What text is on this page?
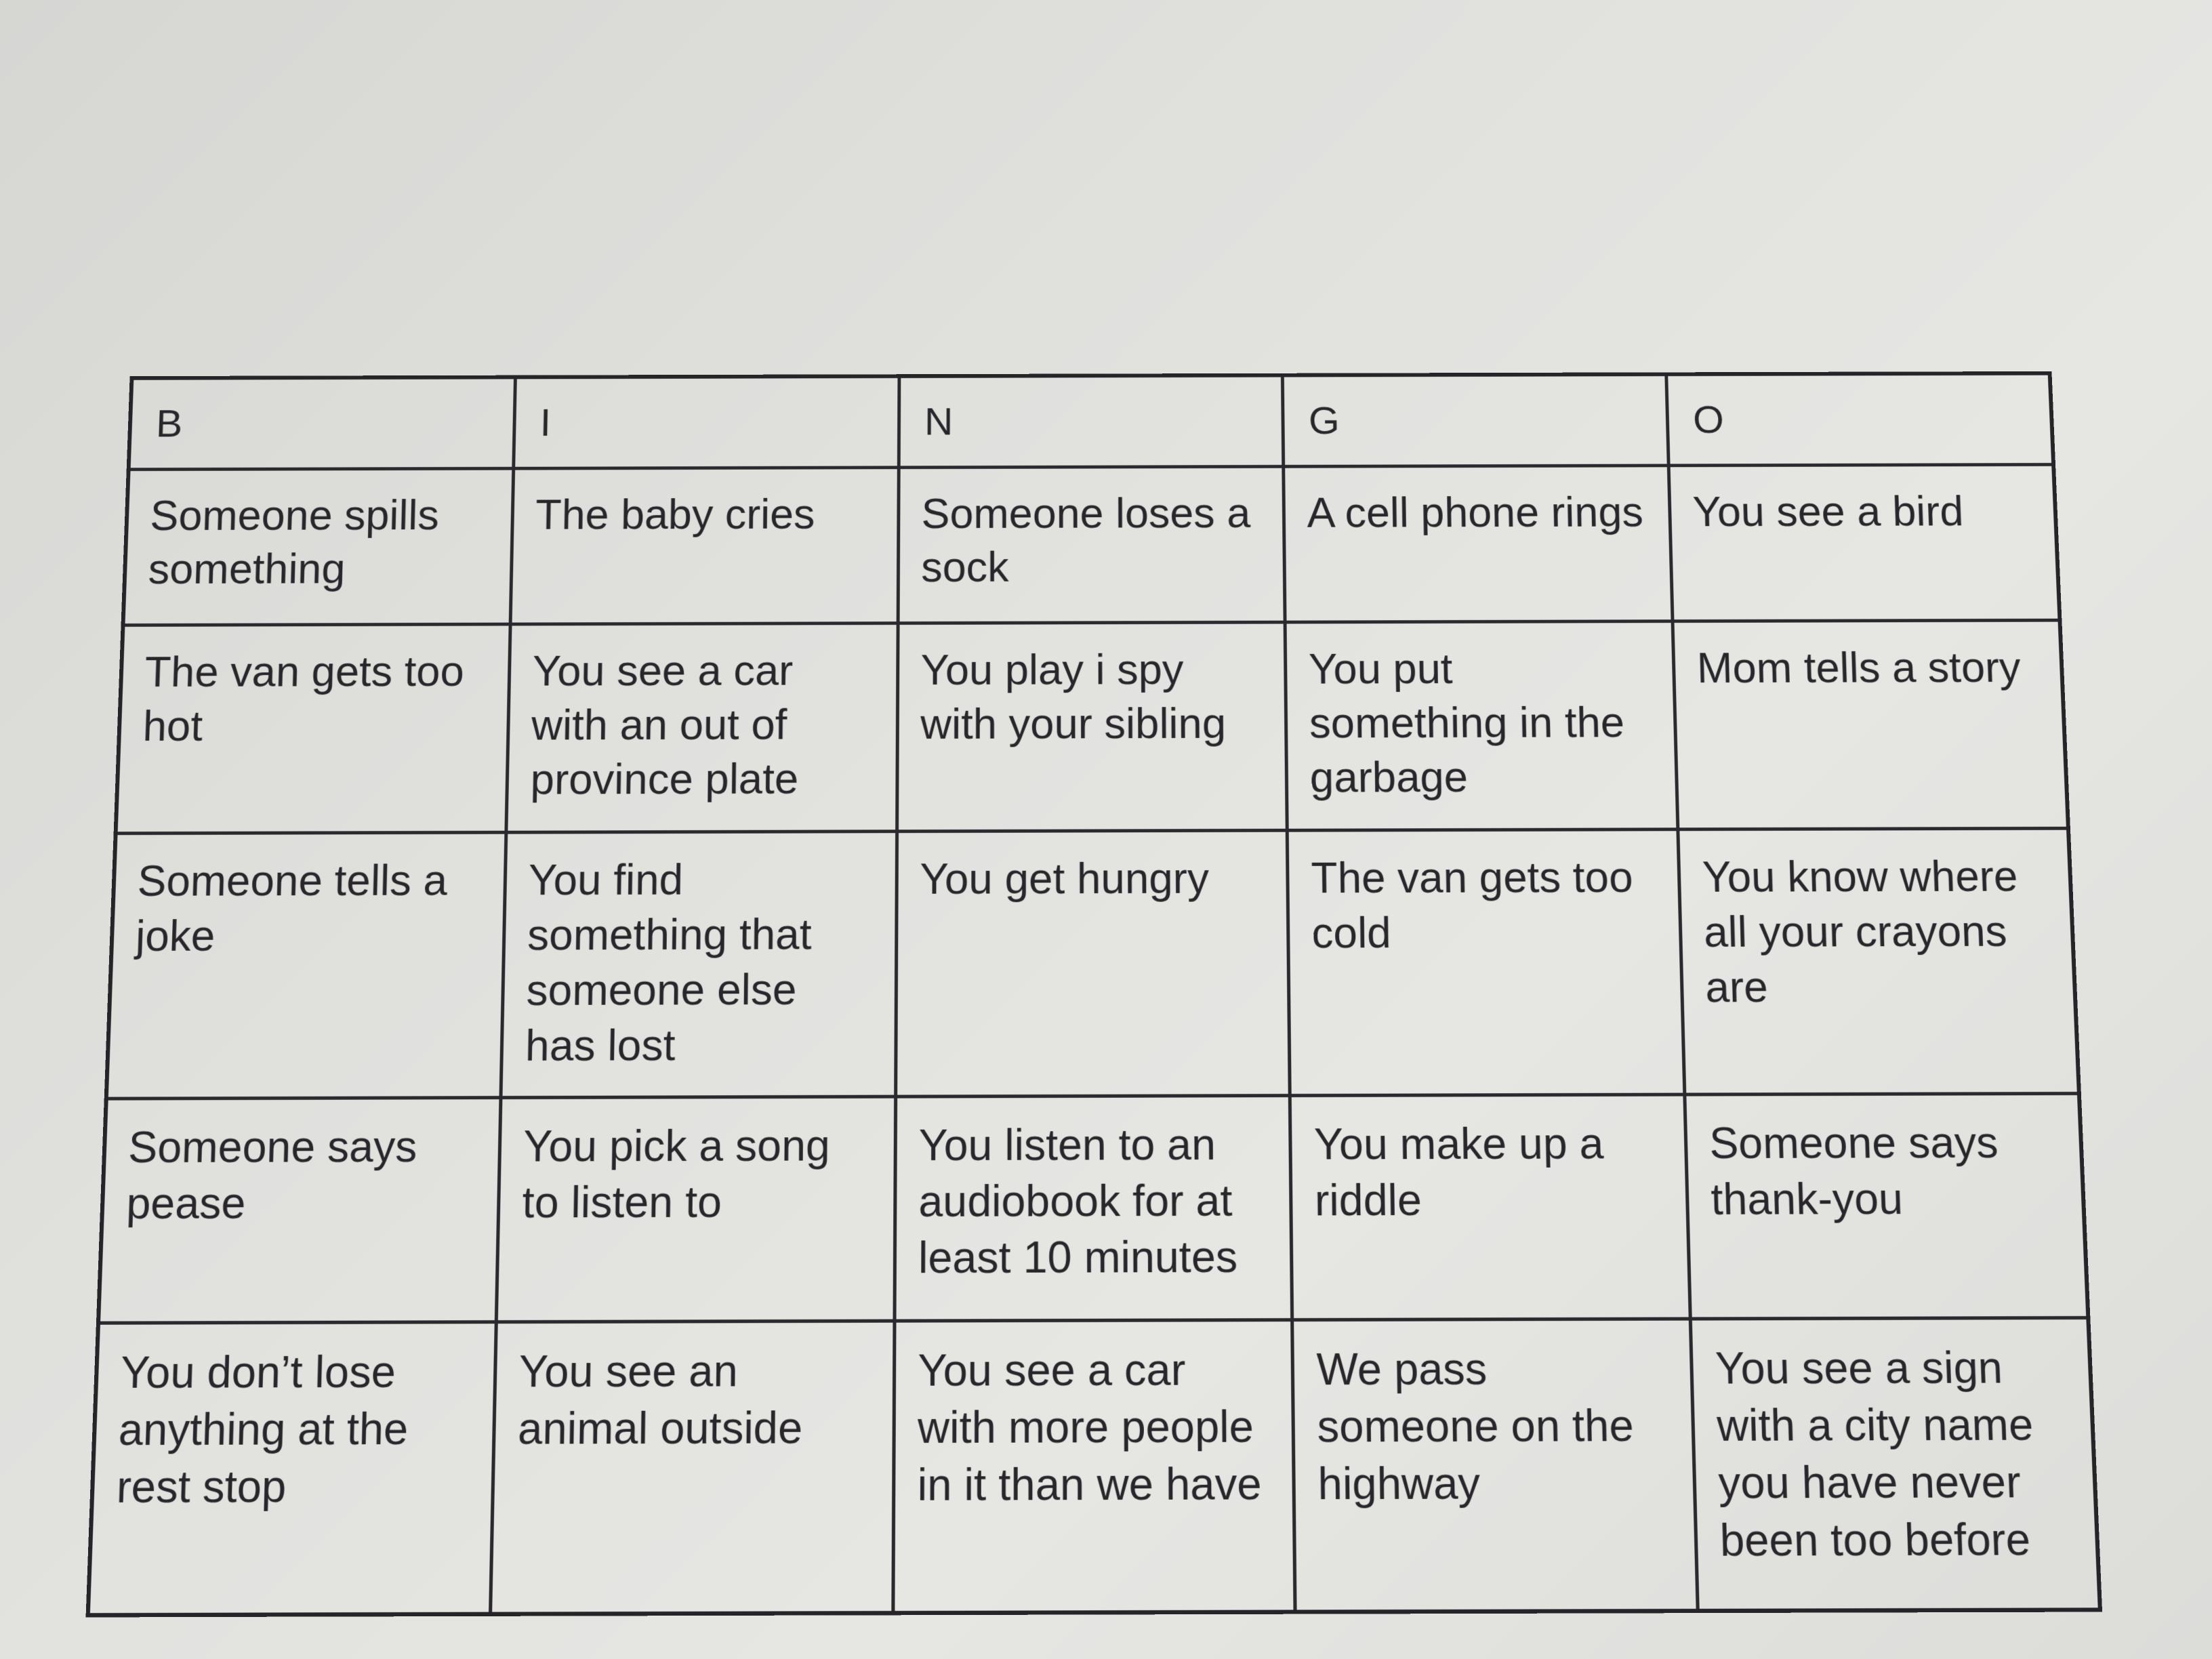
B	I	N	G	O
Someone spills something	The baby cries	Someone loses a sock	A cell phone rings	You see a bird
The van gets too hot	You see a car with an out of province plate	You play i spy with your sibling	You put something in the garbage	Mom tells a story
Someone tells a joke	You find something that someone else has lost	You get hungry	The van gets too cold	You know where all your crayons are
Someone says pease	You pick a song to listen to	You listen to an audiobook for at least 10 minutes	You make up a riddle	Someone says thank-you
You don’t lose anything at the rest stop	You see an animal outside	You see a car with more people in it than we have	We pass someone on the highway	You see a sign with a city name you have never been too before
